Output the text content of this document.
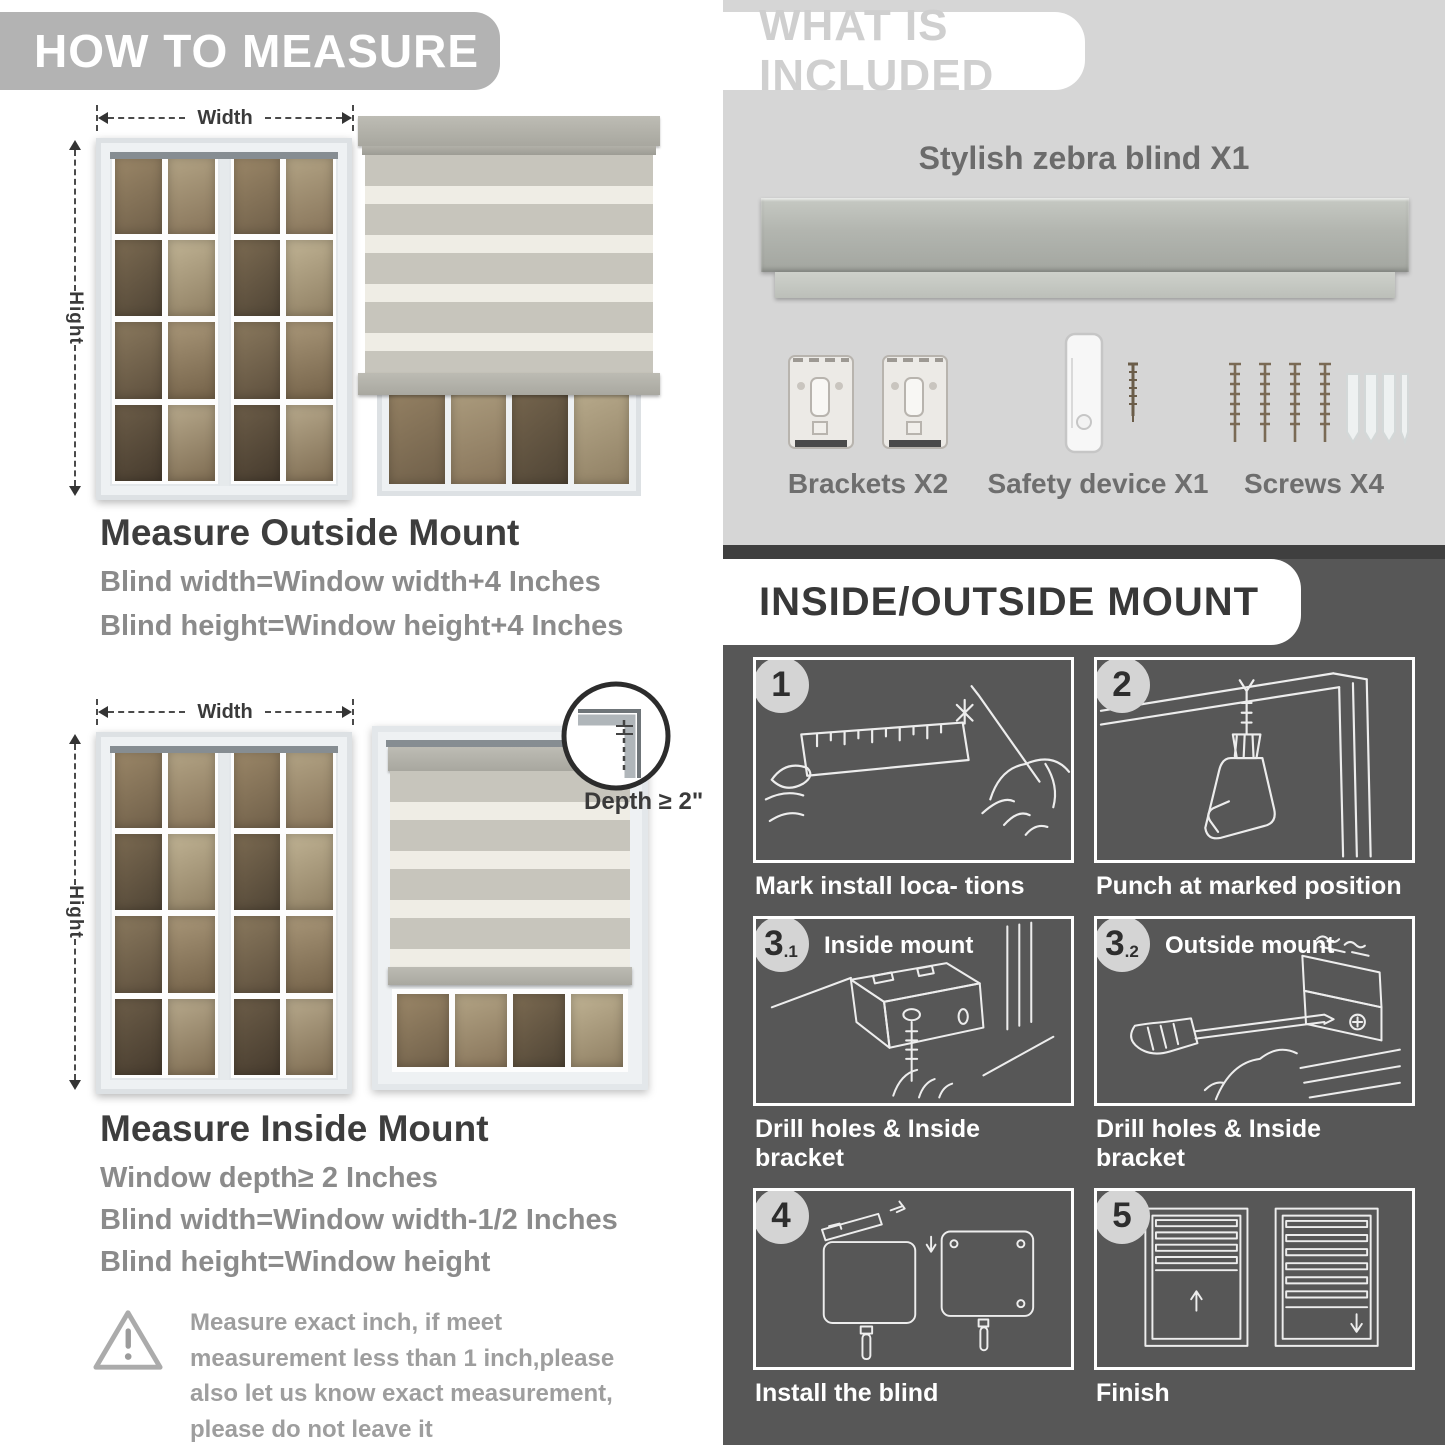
HOW TO MEASURE
Width
Hight
Measure Outside Mount

Blind width=Window width+4 Inches

Blind height=Window height+4 Inches

Width
Hight
Depth ≥ 2"
Measure Inside Mount

Window depth≥ 2 Inches

Blind width=Window width-1/2 Inches

Blind height=Window height

Measure exact inch, if meet measurement less than 1 inch,please also let us know exact measurement, please do not leave it

WHAT IS INCLUDED
Stylish zebra blind X1
Brackets X2	Safety device X1	Screws X4
INSIDE/OUTSIDE MOUNT
1
Mark install loca- tions
2
Punch at marked position
3 .1 Inside mount
Drill holes & Inside bracket
3 .2 Outside mount
Drill holes & Inside bracket
4
Install the blind
5
Finish
